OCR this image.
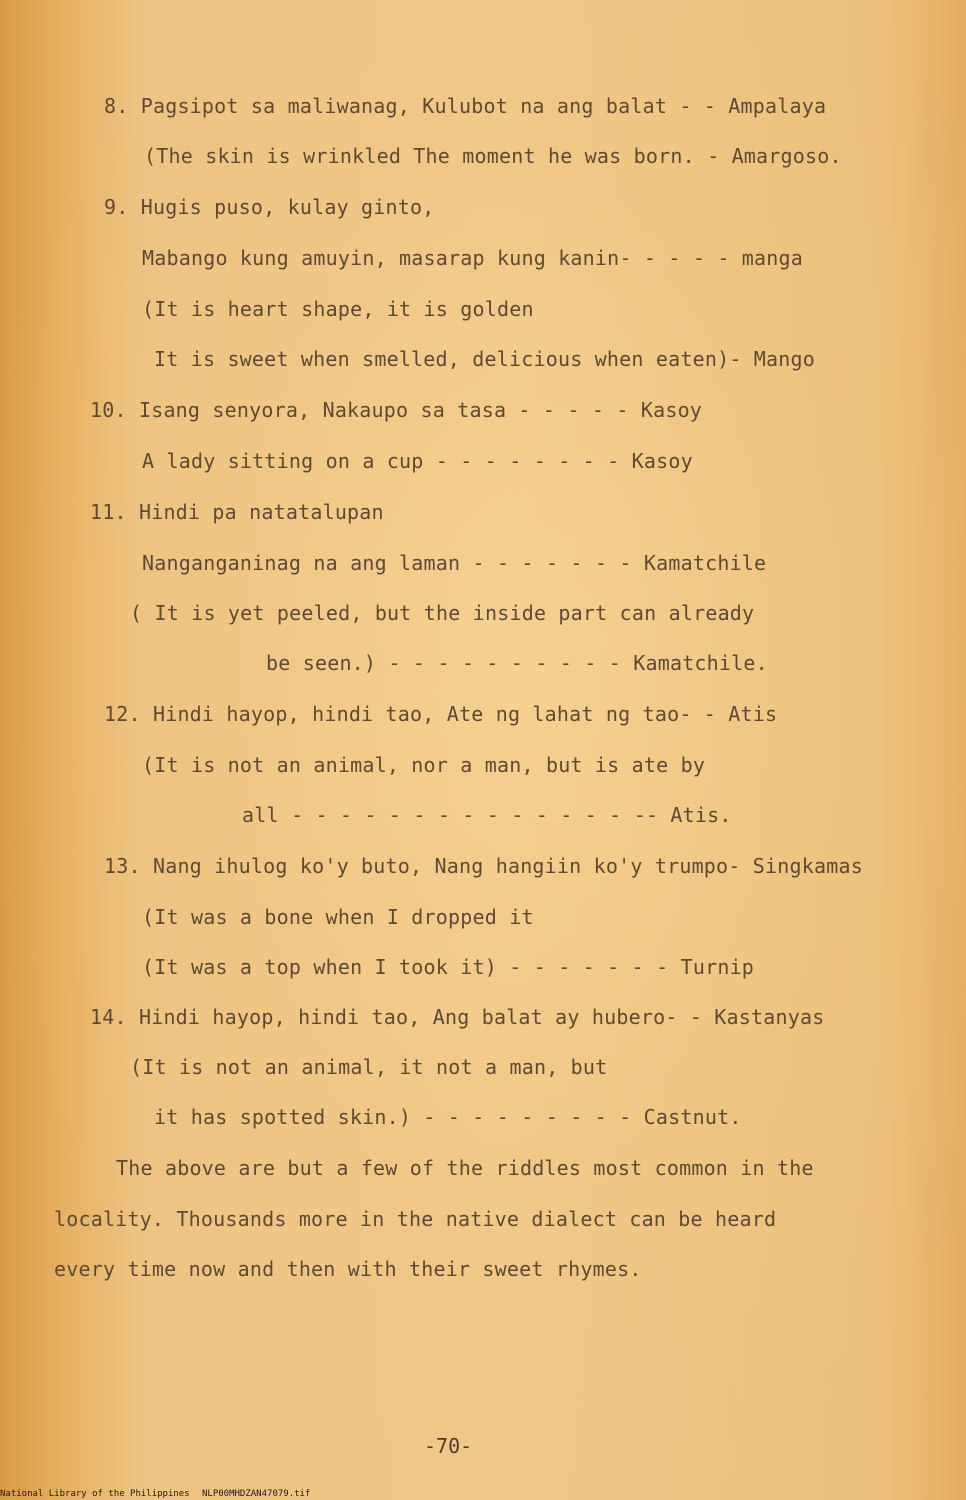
8. Pagsipot sa maliwanag, Kulubot na ang balat - - Ampalaya
(The skin is wrinkled The moment he was born. - Amargoso.
9. Hugis puso, kulay ginto,
Mabango kung amuyin, masarap kung kanin- - - - - manga
(It is heart shape, it is golden
It is sweet when smelled, delicious when eaten)- Mango
10. Isang senyora, Nakaupo sa tasa - - - - - Kasoy
A lady sitting on a cup - - - - - - - - Kasoy
11. Hindi pa natatalupan
Nanganganinag na ang laman - - - - - - - Kamatchile
( It is yet peeled, but the inside part can already
be seen.) - - - - - - - - - - Kamatchile.
12. Hindi hayop, hindi tao, Ate ng lahat ng tao- - Atis
(It is not an animal, nor a man, but is ate by
all - - - - - - - - - - - - - - -- Atis.
13. Nang ihulog ko'y buto, Nang hangiin ko'y trumpo- Singkamas
(It was a bone when I dropped it
(It was a top when I took it) - - - - - - - Turnip
14. Hindi hayop, hindi tao, Ang balat ay hubero- - Kastanyas
(It is not an animal, it not a man, but
it has spotted skin.) - - - - - - - - - Castnut.
The above are but a few of the riddles most common in the
locality. Thousands more in the native dialect can be heard
every time now and then with their sweet rhymes.
-70-

National Library of the Philippines

NLP00MHDZAN47079.tif
